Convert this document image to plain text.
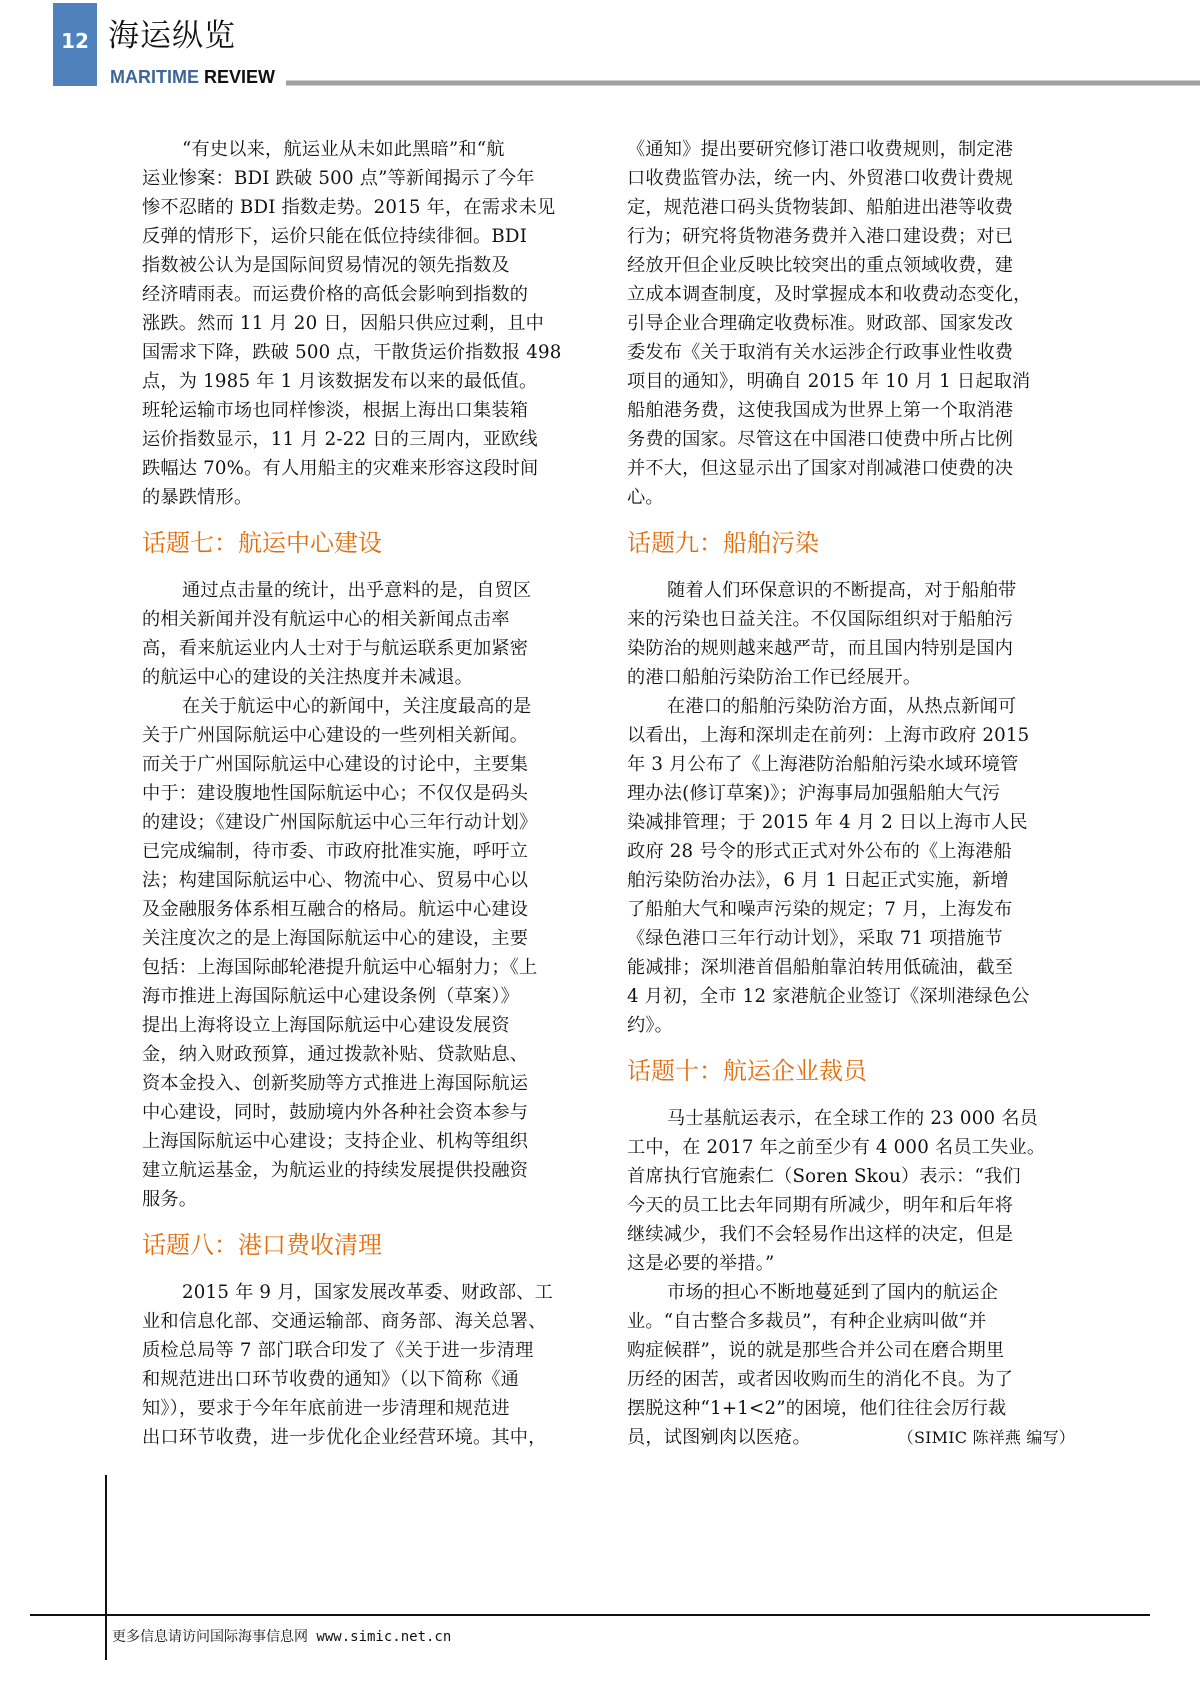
12 海运纵览
MARITIME REVIEW
“有史以来，航运业从未如此黑暗”和“航
运业惨案：BDI 跌破 500 点”等新闻揭示了今年
惨不忍睹的 BDI 指数走势。2015 年，在需求未见
反弹的情形下，运价只能在低位持续徘徊。BDI
指数被公认为是国际间贸易情况的领先指数及
经济晴雨表。而运费价格的高低会影响到指数的
涨跌。然而 11 月 20 日，因船只供应过剩，且中
国需求下降，跌破 500 点，干散货运价指数报 498
点，为 1985 年 1 月该数据发布以来的最低值。
班轮运输市场也同样惨淡，根据上海出口集装箱
运价指数显示，11 月 2-22 日的三周内，亚欧线
跌幅达 70%。有人用船主的灾难来形容这段时间
的暴跌情形。
话题七：航运中心建设
通过点击量的统计，出乎意料的是，自贸区
的相关新闻并没有航运中心的相关新闻点击率
高，看来航运业内人士对于与航运联系更加紧密
的航运中心的建设的关注热度并未减退。
在关于航运中心的新闻中，关注度最高的是
关于广州国际航运中心建设的一些列相关新闻。
而关于广州国际航运中心建设的讨论中，主要集
中于：建设腹地性国际航运中心；不仅仅是码头
的建设；《建设广州国际航运中心三年行动计划》
已完成编制，待市委、市政府批准实施，呼吁立
法；构建国际航运中心、物流中心、贸易中心以
及金融服务体系相互融合的格局。航运中心建设
关注度次之的是上海国际航运中心的建设，主要
包括：上海国际邮轮港提升航运中心辐射力；《上
海市推进上海国际航运中心建设条例（草案）》
提出上海将设立上海国际航运中心建设发展资
金，纳入财政预算，通过拨款补贴、贷款贴息、
资本金投入、创新奖励等方式推进上海国际航运
中心建设，同时，鼓励境内外各种社会资本参与
上海国际航运中心建设；支持企业、机构等组织
建立航运基金，为航运业的持续发展提供投融资
服务。
话题八：港口费收清理
2015 年 9 月，国家发展改革委、财政部、工
业和信息化部、交通运输部、商务部、海关总署、
质检总局等 7 部门联合印发了《关于进一步清理
和规范进出口环节收费的通知》（以下简称《通
知》），要求于今年年底前进一步清理和规范进
出口环节收费，进一步优化企业经营环境。其中，
《通知》提出要研究修订港口收费规则，制定港
口收费监管办法，统一内、外贸港口收费计费规
定，规范港口码头货物装卸、船舶进出港等收费
行为；研究将货物港务费并入港口建设费；对已
经放开但企业反映比较突出的重点领域收费，建
立成本调查制度，及时掌握成本和收费动态变化，
引导企业合理确定收费标准。财政部、国家发改
委发布《关于取消有关水运涉企行政事业性收费
项目的通知》，明确自 2015 年 10 月 1 日起取消
船舶港务费，这使我国成为世界上第一个取消港
务费的国家。尽管这在中国港口使费中所占比例
并不大，但这显示出了国家对削减港口使费的决
心。
话题九：船舶污染
随着人们环保意识的不断提高，对于船舶带
来的污染也日益关注。不仅国际组织对于船舶污
染防治的规则越来越严苛，而且国内特别是国内
的港口船舶污染防治工作已经展开。
在港口的船舶污染防治方面，从热点新闻可
以看出，上海和深圳走在前列：上海市政府 2015
年 3 月公布了《上海港防治船舶污染水域环境管
理办法(修订草案)》；沪海事局加强船舶大气污
染减排管理；于 2015 年 4 月 2 日以上海市人民
政府 28 号令的形式正式对外公布的《上海港船
舶污染防治办法》，6 月 1 日起正式实施，新增
了船舶大气和噪声污染的规定；7 月，上海发布
《绿色港口三年行动计划》，采取 71 项措施节
能减排；深圳港首倡船舶靠泊转用低硫油，截至
4 月初，全市 12 家港航企业签订《深圳港绿色公
约》。
话题十：航运企业裁员
马士基航运表示，在全球工作的 23 000 名员
工中，在 2017 年之前至少有 4 000 名员工失业。
首席执行官施索仁（Soren Skou）表示：“我们
今天的员工比去年同期有所减少，明年和后年将
继续减少，我们不会轻易作出这样的决定，但是
这是必要的举措。”
市场的担心不断地蔓延到了国内的航运企
业。“自古整合多裁员”，有种企业病叫做“并
购症候群”，说的就是那些合并公司在磨合期里
历经的困苦，或者因收购而生的消化不良。为了
摆脱这种“1+1<2”的困境，他们往往会厉行裁
员，试图剜肉以医疮。	（SIMIC 陈祥燕 编写）
更多信息请访问国际海事信息网 www.simic.net.cn
